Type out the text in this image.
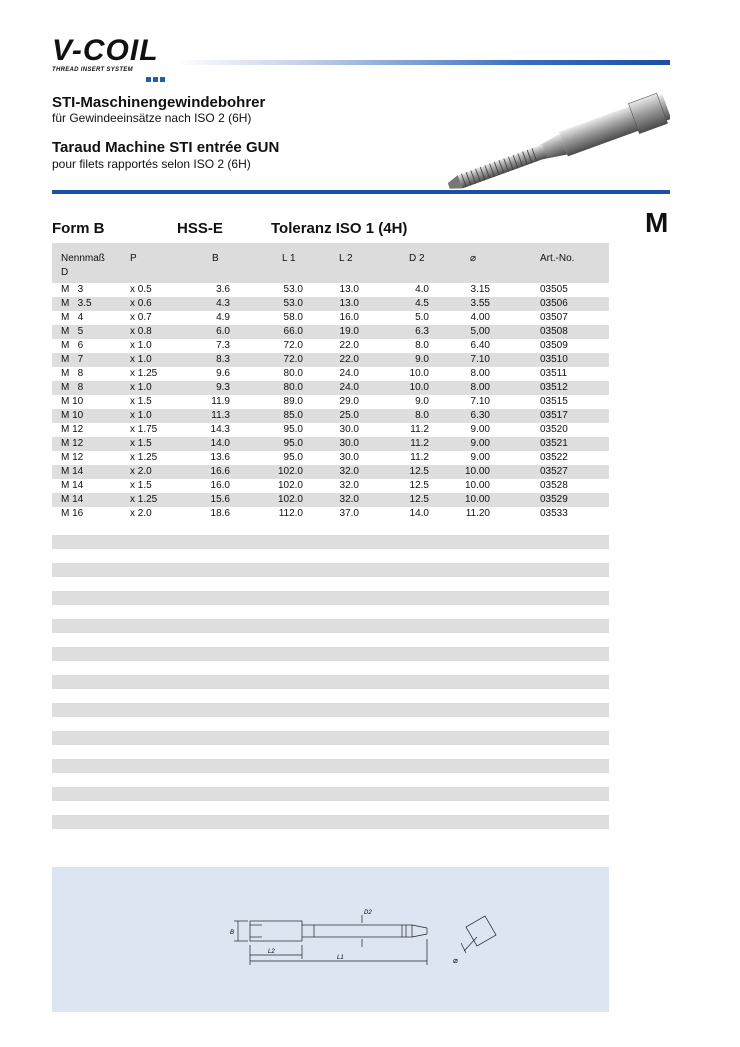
V-COIL
THREAD INSERT SYSTEM
STI-Maschinengewindebohrer
für Gewindeeinsätze nach ISO 2 (6H)
Taraud Machine STI entrée GUN
pour filets rapportés selon ISO 2 (6H)
Form B	HSS-E	Toleranz ISO 1 (4H)	M
Nennmaß
D
P	B	L 1	L 2	D 2	⌀	Art.-No.
M   3	x 0.5	3.6	53.0	13.0	4.0	3.15	03505
M   3.5	x 0.6	4.3	53.0	13.0	4.5	3.55	03506
M   4	x 0.7	4.9	58.0	16.0	5.0	4.00	03507
M   5	x 0.8	6.0	66.0	19.0	6.3	5,00	03508
M   6	x 1.0	7.3	72.0	22.0	8.0	6.40	03509
M   7	x 1.0	8.3	72.0	22.0	9.0	7.10	03510
M   8	x 1.25	9.6	80.0	24.0	10.0	8.00	03511
M   8	x 1.0	9.3	80.0	24.0	10.0	8.00	03512
M 10	x 1.5	11.9	89.0	29.0	9.0	7.10	03515
M 10	x 1.0	11.3	85.0	25.0	8.0	6.30	03517
M 12	x 1.75	14.3	95.0	30.0	11.2	9.00	03520
M 12	x 1.5	14.0	95.0	30.0	11.2	9.00	03521
M 12	x 1.25	13.6	95.0	30.0	11.2	9.00	03522
M 14	x 2.0	16.6	102.0	32.0	12.5	10.00	03527
M 14	x 1.5	16.0	102.0	32.0	12.5	10.00	03528
M 14	x 1.25	15.6	102.0	32.0	12.5	10.00	03529
M 16	x 2.0	18.6	112.0	37.0	14.0	11.20	03533
D2
B
L2
L1	⌀
